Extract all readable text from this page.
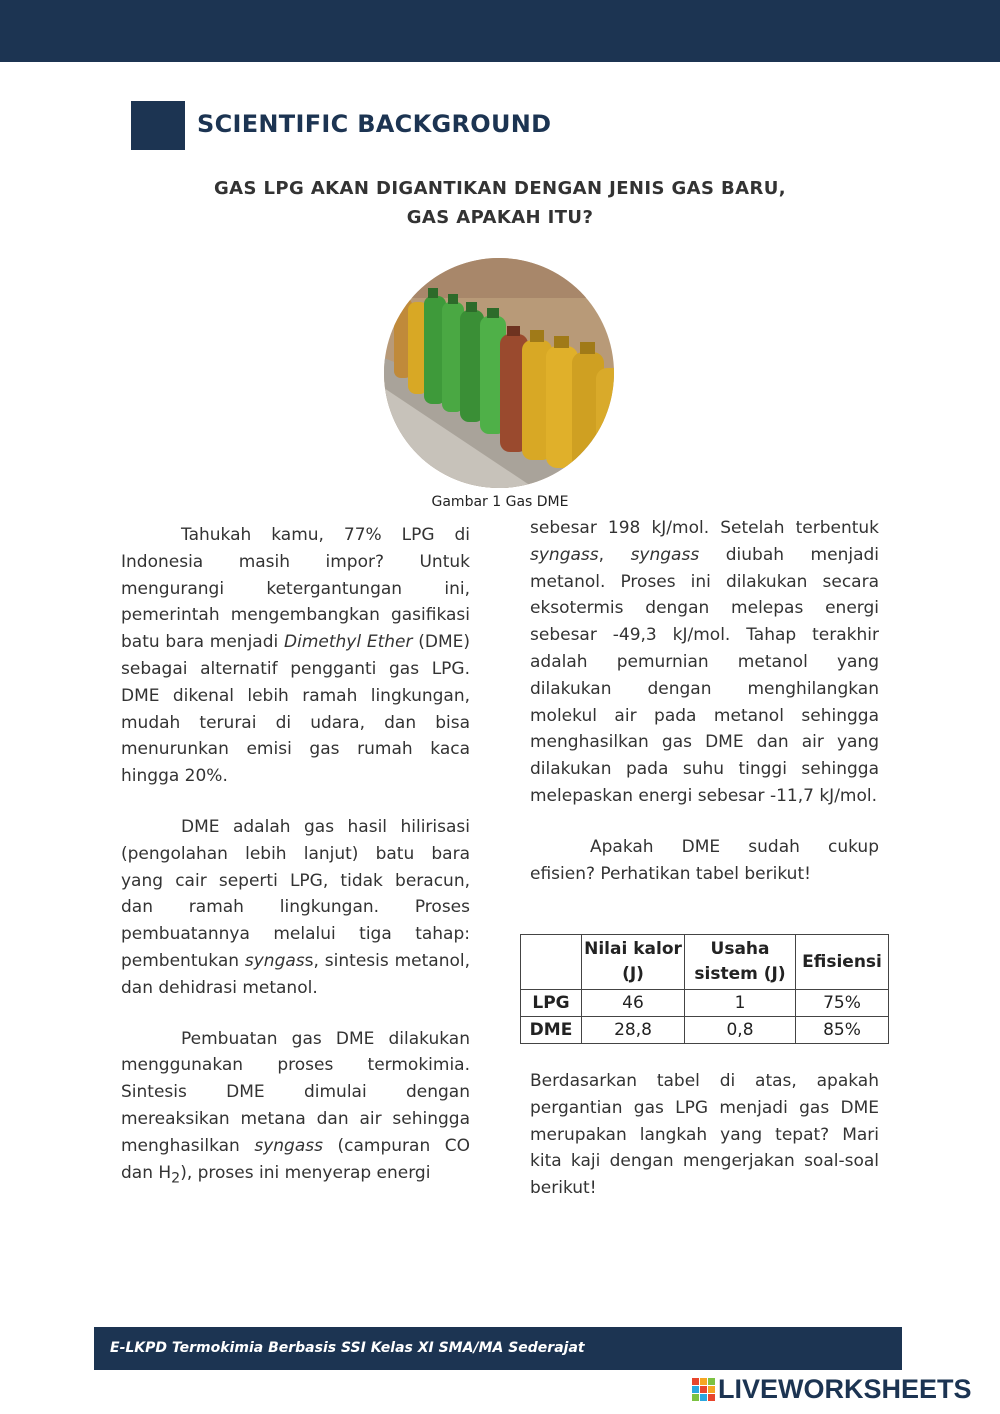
SCIENTIFIC BACKGROUND
GAS LPG AKAN DIGANTIKAN DENGAN JENIS GAS BARU,
GAS APAKAH ITU?
Gambar 1 Gas DME

Tahukah kamu, 77% LPG di Indonesia masih impor? Untuk mengurangi ketergantungan ini, pemerintah mengembangkan gasifikasi batu bara menjadi Dimethyl Ether (DME) sebagai alternatif pengganti gas LPG. DME dikenal lebih ramah lingkungan, mudah terurai di udara, dan bisa menurunkan emisi gas rumah kaca hingga 20%.

DME adalah gas hasil hilirisasi (pengolahan lebih lanjut) batu bara yang cair seperti LPG, tidak beracun, dan ramah lingkungan. Proses pembuatannya melalui tiga tahap: pembentukan syngass, sintesis metanol, dan dehidrasi metanol.

Pembuatan gas DME dilakukan menggunakan proses termokimia. Sintesis DME dimulai dengan mereaksikan metana dan air sehingga menghasilkan syngass (campuran CO dan $H_2$), proses ini menyerap energi

sebesar 198 kJ/mol. Setelah terbentuk syngass, syngass diubah menjadi metanol. Proses ini dilakukan secara eksotermis dengan melepas energi sebesar -49,3 kJ/mol. Tahap terakhir adalah pemurnian metanol yang dilakukan dengan menghilangkan molekul air pada metanol sehingga menghasilkan gas DME dan air yang dilakukan pada suhu tinggi sehingga melepaskan energi sebesar -11,7 kJ/mol.

Apakah DME sudah cukup efisien? Perhatikan tabel berikut!

	Nilai kalor (J)	Usaha sistem (J)	Efisiensi
LPG	46	1	75%
DME	28,8	0,8	85%

Berdasarkan tabel di atas, apakah pergantian gas LPG menjadi gas DME merupakan langkah yang tepat? Mari kita kaji dengan mengerjakan soal-soal berikut!

E-LKPD Termokimia Berbasis SSI Kelas XI SMA/MA Sederajat
LIVEWORKSHEETS
